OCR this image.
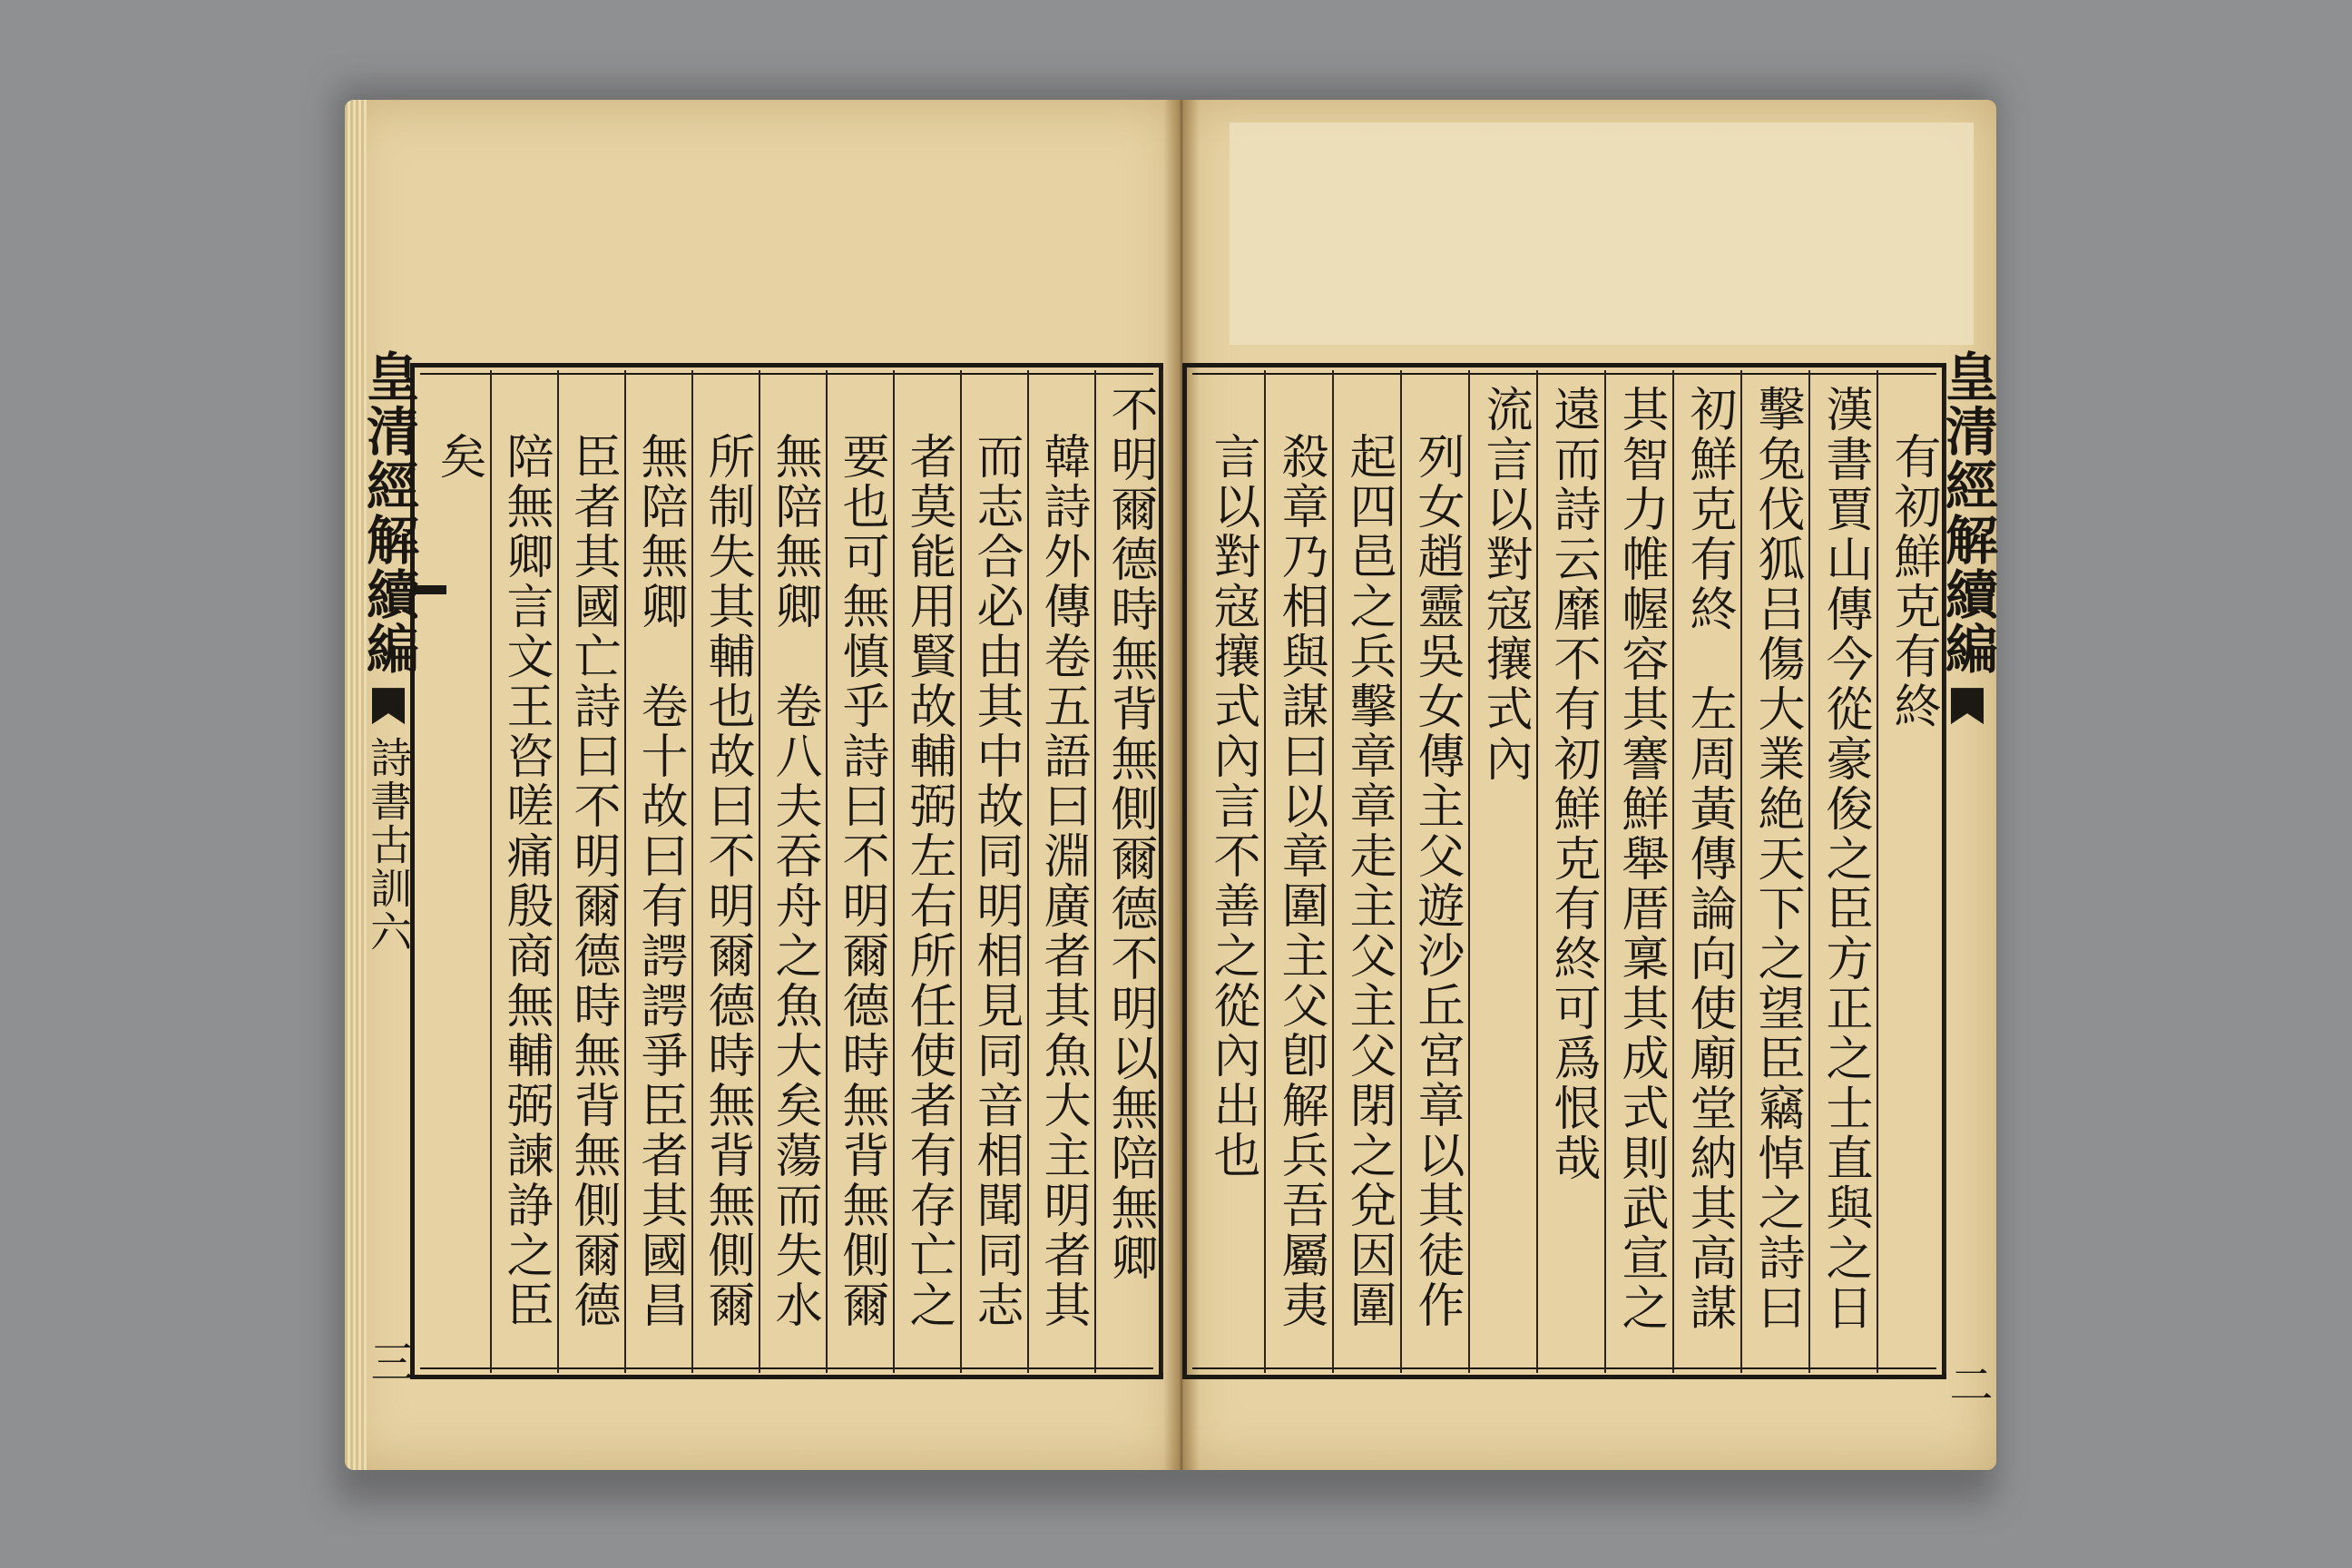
皇清經解續編  詩書古訓六 三
不明爾德時無背無側爾德不明以無陪無卿
韓詩外傳卷五語曰淵廣者其魚大主明者其
而志合必由其中故同明相見同音相聞同志
者莫能用賢故輔弼左右所任使者有存亡之
要也可無慎乎詩曰不明爾德時無背無側爾
無陪無卿　卷八夫吞舟之魚大矣蕩而失水
所制失其輔也故曰不明爾德時無背無側爾
無陪無卿　卷十故曰有諤諤爭臣者其國昌
臣者其國亡詩曰不明爾德時無背無側爾德
陪無卿言文王咨嗟痛殷商無輔弼諫諍之臣
矣	皇清經解續編  二
有初鮮克有終
漢書賈山傳今從豪俊之臣方正之士直與之日
擊兔伐狐吕傷大業絶天下之望臣竊悼之詩曰
初鮮克有終　左周黃傳論向使廟堂納其高謀
其智力帷幄容其謇鮮舉厝稟其成式則武宣之
遠而詩云靡不有初鮮克有終可爲恨哉
流言以對寇攘式內
列女趙靈吳女傳主父遊沙丘宮章以其徒作
起四邑之兵擊章章走主父主父閉之兌因圍
殺章乃相與謀曰以章圍主父卽解兵吾屬夷
言以對寇攘式內言不善之從內出也
